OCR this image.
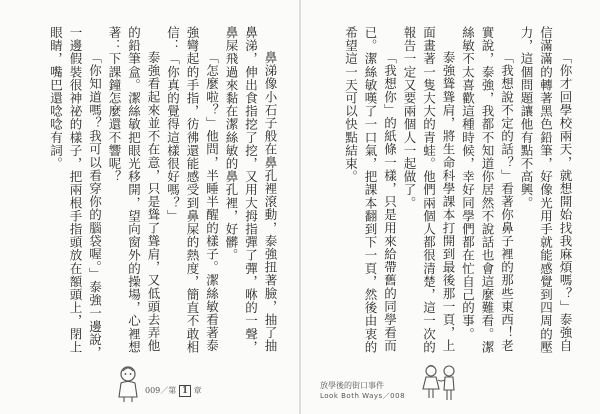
鼻涕像小石子般在鼻孔裡滾動，泰強扭著臉，抽了抽鼻涕，伸出食指挖了挖，又用大拇指彈了彈，咻的一聲，鼻屎飛過來黏在潔絲敏的鼻孔裡，好髒。

「怎麼啦？」他問，半睡半醒的樣子。潔絲敏看著泰強彎起的手指，彷彿還能感受到鼻屎的熱度，簡直不敢相信：「你真的覺得這樣很好嗎？」

泰強看起來並不在意，只是聳了聳肩，又低頭去弄他的鉛筆盒。潔絲敏把眼光移開，望向窗外的操場，心裡想著：下課鐘怎麼還不響呢？

「你知道嗎？我可以看穿你的腦袋喔。」泰強一邊說，一邊假裝很神祕的樣子，把兩根手指頭放在額頭上，閉上眼睛，嘴巴還唸唸有詞。

009／第 1 章

「你才回學校兩天，就想開始找我麻煩嗎？」泰強自信滿滿的轉著黑色鉛筆，好像光用手就能感覺到四周的壓力，這個問題讓他有點不高興。

「我想說不定的話？」看著你鼻子裡的那些東西！老實說，泰強，我都不知道你居然不說話也會這麼難看。潔絲敏不太喜歡這種時候，幸好同學們都在忙自己的事。

泰強聳聳肩，將生命科學課本打開到最後那一頁，上面畫著一隻大大的青蛙。他們兩個人都很清楚，這一次的報告一定又要兩個人一起做了。

「我想你」的紙條一樣，只是用來給帶舊的同學看而已。潔絲敏嘆了一口氣，把課本翻到下一頁，然後由衷的希望這一天可以快點結束。

放學後的街口事件
Look Both Ways／008
